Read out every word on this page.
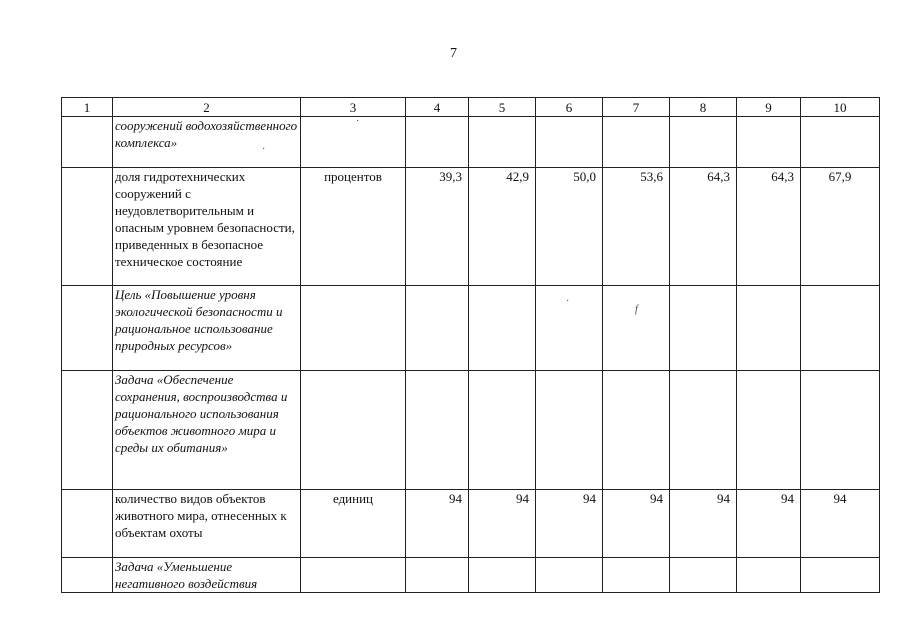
7
1	2	3	4	5	6	7	8	9	10
	сооружений водохозяйственного комплекса»								
	доля гидротехнических сооружений с неудовлетворительным и опасным уровнем безопасности, приведенных в безопасное техническое состояние	процентов	39,3	42,9	50,0	53,6	64,3	64,3	67,9
	Цель «Повышение уровня экологической безопасности и рациональное использование природных ресурсов»								
	Задача «Обеспечение сохранения, воспроизводства и рационального использования объектов животного мира и среды их обитания»								
	количество видов объектов животного мира, отнесенных к объектам охоты	единиц	94	94	94	94	94	94	94
	Задача «Уменьшение негативного воздействия								
·
·
·
f
